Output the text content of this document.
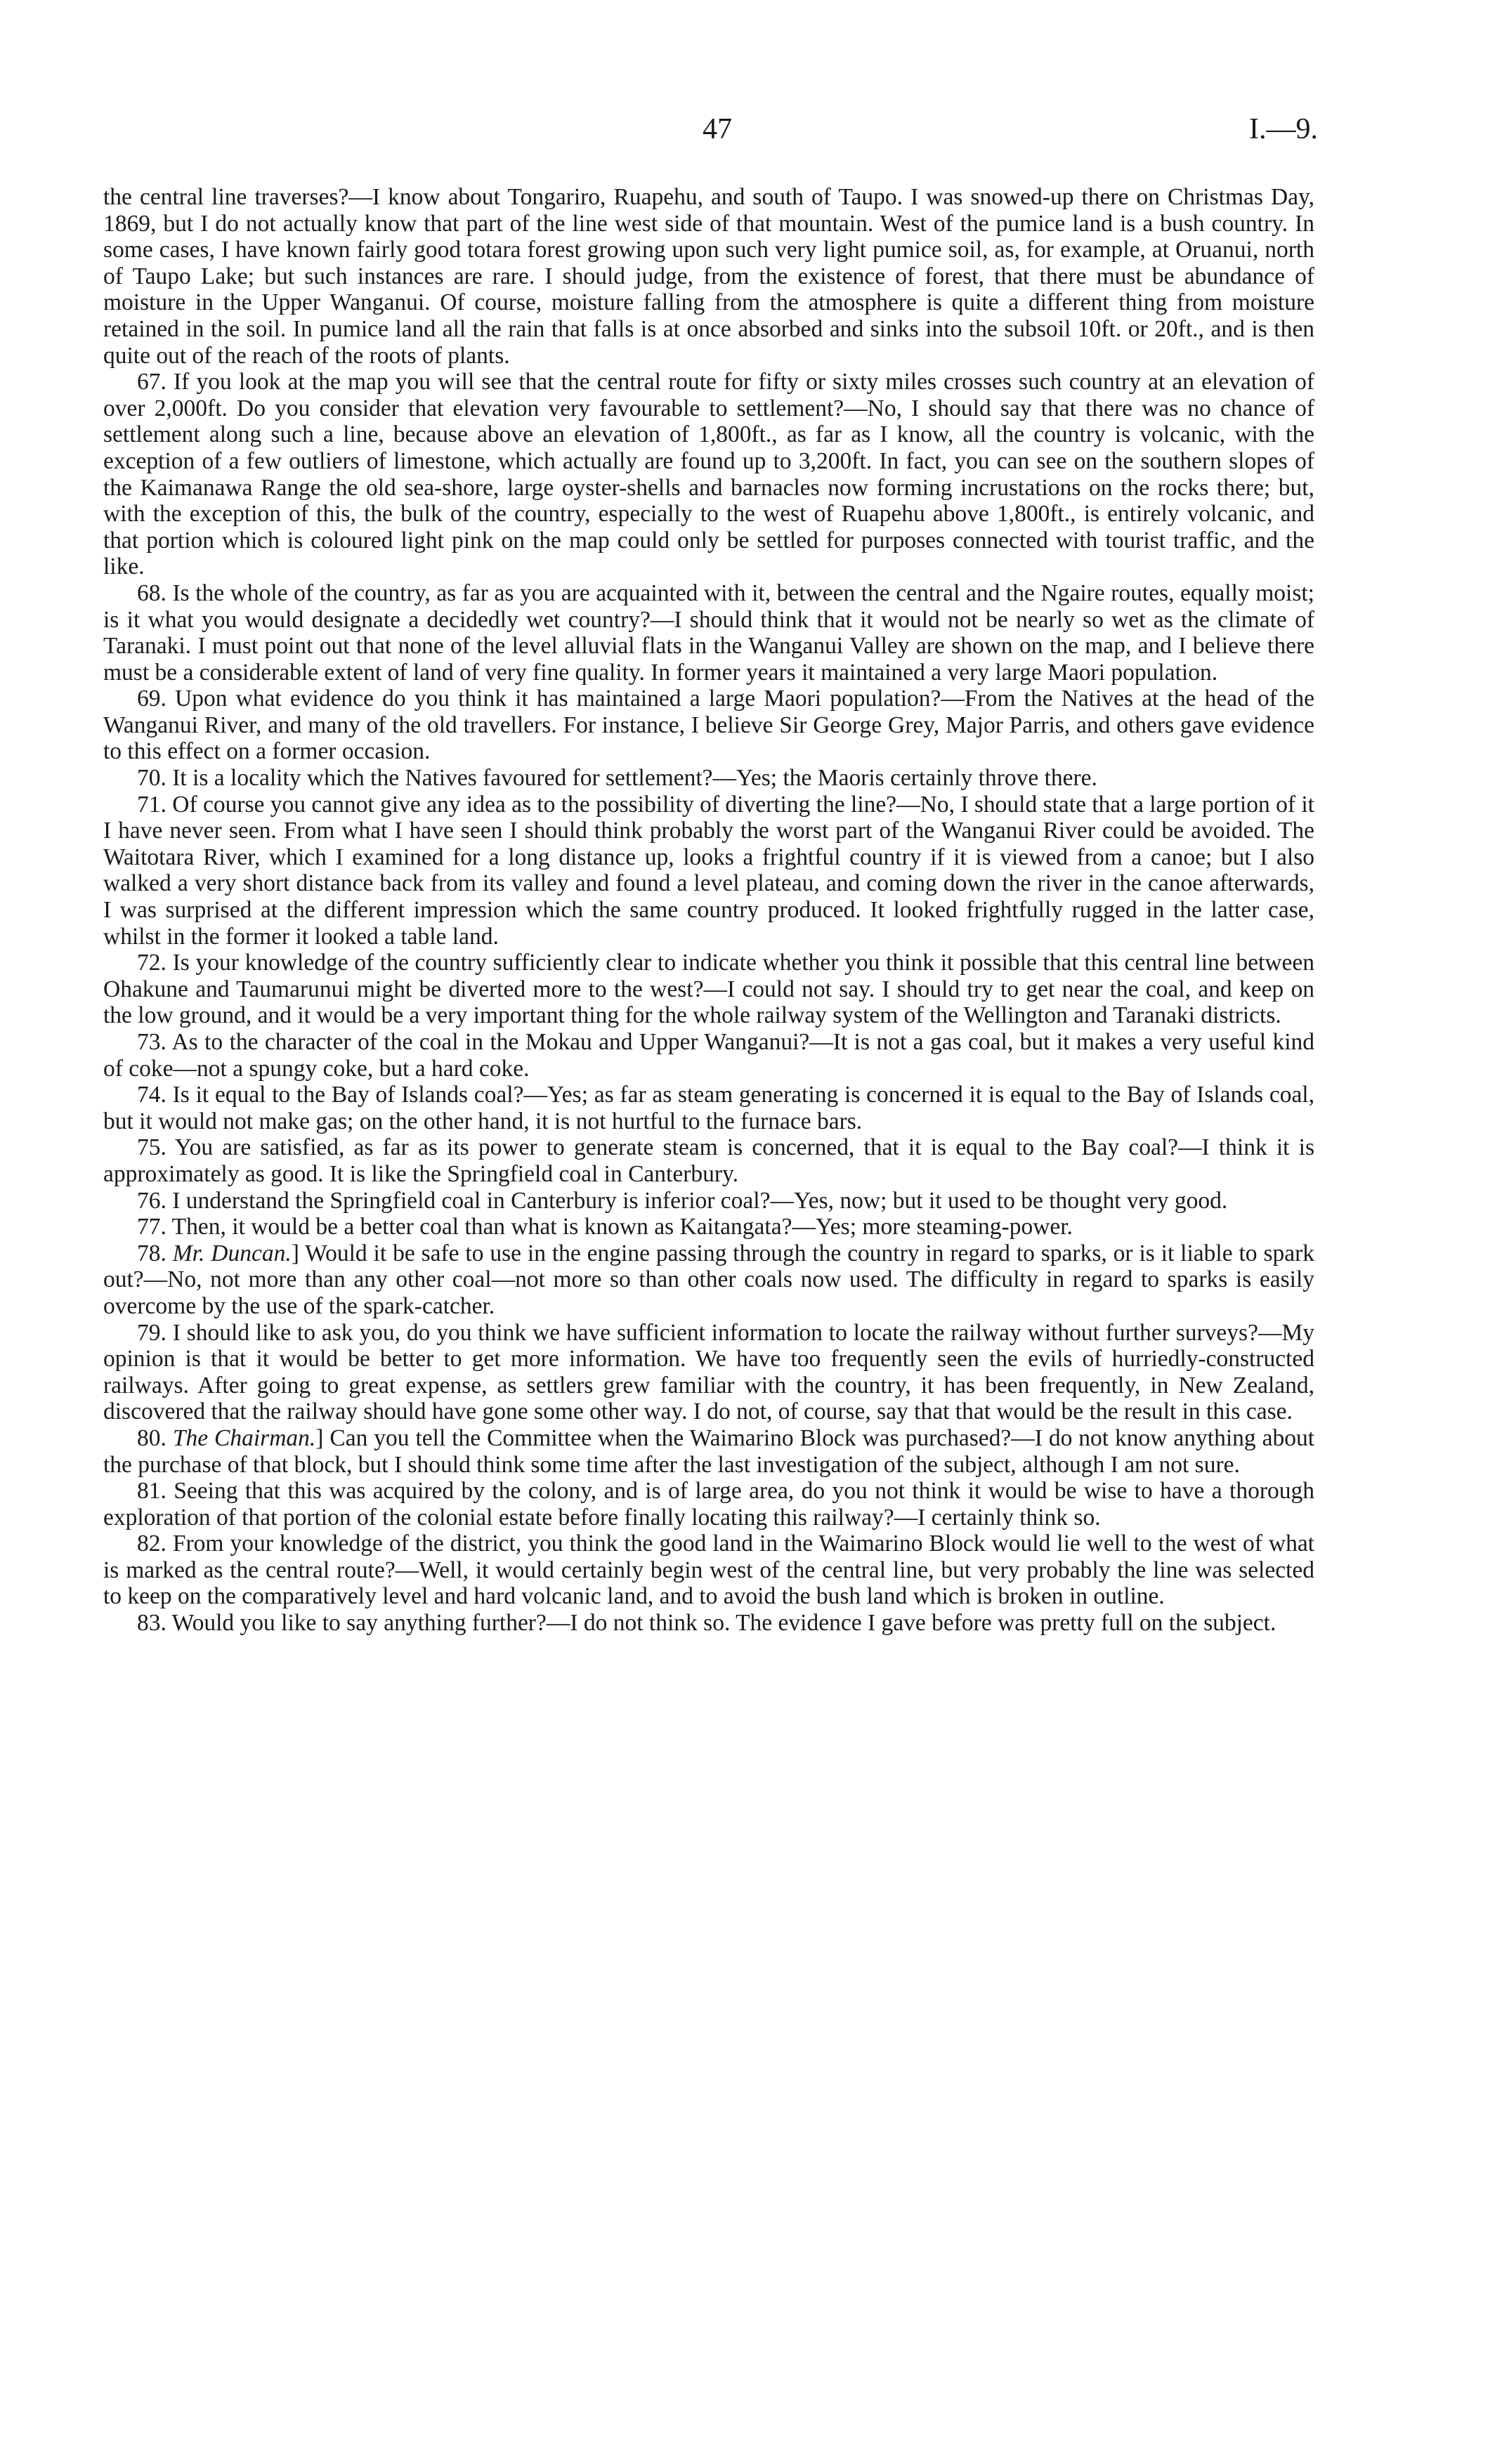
47	I.—9.

the central line traverses?—I know about Tongariro, Ruapehu, and south of Taupo. I was snowed-up there on Christmas Day, 1869, but I do not actually know that part of the line west side of that mountain. West of the pumice land is a bush country. In some cases, I have known fairly good totara forest growing upon such very light pumice soil, as, for example, at Oruanui, north of Taupo Lake; but such instances are rare. I should judge, from the existence of forest, that there must be abundance of moisture in the Upper Wanganui. Of course, moisture falling from the atmosphere is quite a different thing from moisture retained in the soil. In pumice land all the rain that falls is at once absorbed and sinks into the subsoil 10ft. or 20ft., and is then quite out of the reach of the roots of plants.

67. If you look at the map you will see that the central route for fifty or sixty miles crosses such country at an elevation of over 2,000ft. Do you consider that elevation very favourable to settlement?—No, I should say that there was no chance of settlement along such a line, because above an elevation of 1,800ft., as far as I know, all the country is volcanic, with the exception of a few outliers of limestone, which actually are found up to 3,200ft. In fact, you can see on the southern slopes of the Kaimanawa Range the old sea-shore, large oyster-shells and barnacles now forming incrustations on the rocks there; but, with the exception of this, the bulk of the country, especially to the west of Ruapehu above 1,800ft., is entirely volcanic, and that portion which is coloured light pink on the map could only be settled for purposes connected with tourist traffic, and the like.

68. Is the whole of the country, as far as you are acquainted with it, between the central and the Ngaire routes, equally moist; is it what you would designate a decidedly wet country?—I should think that it would not be nearly so wet as the climate of Taranaki. I must point out that none of the level alluvial flats in the Wanganui Valley are shown on the map, and I believe there must be a considerable extent of land of very fine quality. In former years it maintained a very large Maori population.

69. Upon what evidence do you think it has maintained a large Maori population?—From the Natives at the head of the Wanganui River, and many of the old travellers. For instance, I believe Sir George Grey, Major Parris, and others gave evidence to this effect on a former occasion.

70. It is a locality which the Natives favoured for settlement?—Yes; the Maoris certainly throve there.

71. Of course you cannot give any idea as to the possibility of diverting the line?—No, I should state that a large portion of it I have never seen. From what I have seen I should think probably the worst part of the Wanganui River could be avoided. The Waitotara River, which I examined for a long distance up, looks a frightful country if it is viewed from a canoe; but I also walked a very short distance back from its valley and found a level plateau, and coming down the river in the canoe afterwards, I was surprised at the different impression which the same country produced. It looked frightfully rugged in the latter case, whilst in the former it looked a table land.

72. Is your knowledge of the country sufficiently clear to indicate whether you think it possible that this central line between Ohakune and Taumarunui might be diverted more to the west?—I could not say. I should try to get near the coal, and keep on the low ground, and it would be a very important thing for the whole railway system of the Wellington and Taranaki districts.

73. As to the character of the coal in the Mokau and Upper Wanganui?—It is not a gas coal, but it makes a very useful kind of coke—not a spungy coke, but a hard coke.

74. Is it equal to the Bay of Islands coal?—Yes; as far as steam generating is concerned it is equal to the Bay of Islands coal, but it would not make gas; on the other hand, it is not hurtful to the furnace bars.

75. You are satisfied, as far as its power to generate steam is concerned, that it is equal to the Bay coal?—I think it is approximately as good. It is like the Springfield coal in Canterbury.

76. I understand the Springfield coal in Canterbury is inferior coal?—Yes, now; but it used to be thought very good.

77. Then, it would be a better coal than what is known as Kaitangata?—Yes; more steaming-power.

78. Mr. Duncan.] Would it be safe to use in the engine passing through the country in regard to sparks, or is it liable to spark out?—No, not more than any other coal—not more so than other coals now used. The difficulty in regard to sparks is easily overcome by the use of the spark-catcher.

79. I should like to ask you, do you think we have sufficient information to locate the railway without further surveys?—My opinion is that it would be better to get more information. We have too frequently seen the evils of hurriedly-constructed railways. After going to great expense, as settlers grew familiar with the country, it has been frequently, in New Zealand, discovered that the railway should have gone some other way. I do not, of course, say that that would be the result in this case.

80. The Chairman.] Can you tell the Committee when the Waimarino Block was purchased?—I do not know anything about the purchase of that block, but I should think some time after the last investigation of the subject, although I am not sure.

81. Seeing that this was acquired by the colony, and is of large area, do you not think it would be wise to have a thorough exploration of that portion of the colonial estate before finally locating this railway?—I certainly think so.

82. From your knowledge of the district, you think the good land in the Waimarino Block would lie well to the west of what is marked as the central route?—Well, it would certainly begin west of the central line, but very probably the line was selected to keep on the comparatively level and hard volcanic land, and to avoid the bush land which is broken in outline.

83. Would you like to say anything further?—I do not think so. The evidence I gave before was pretty full on the subject.
